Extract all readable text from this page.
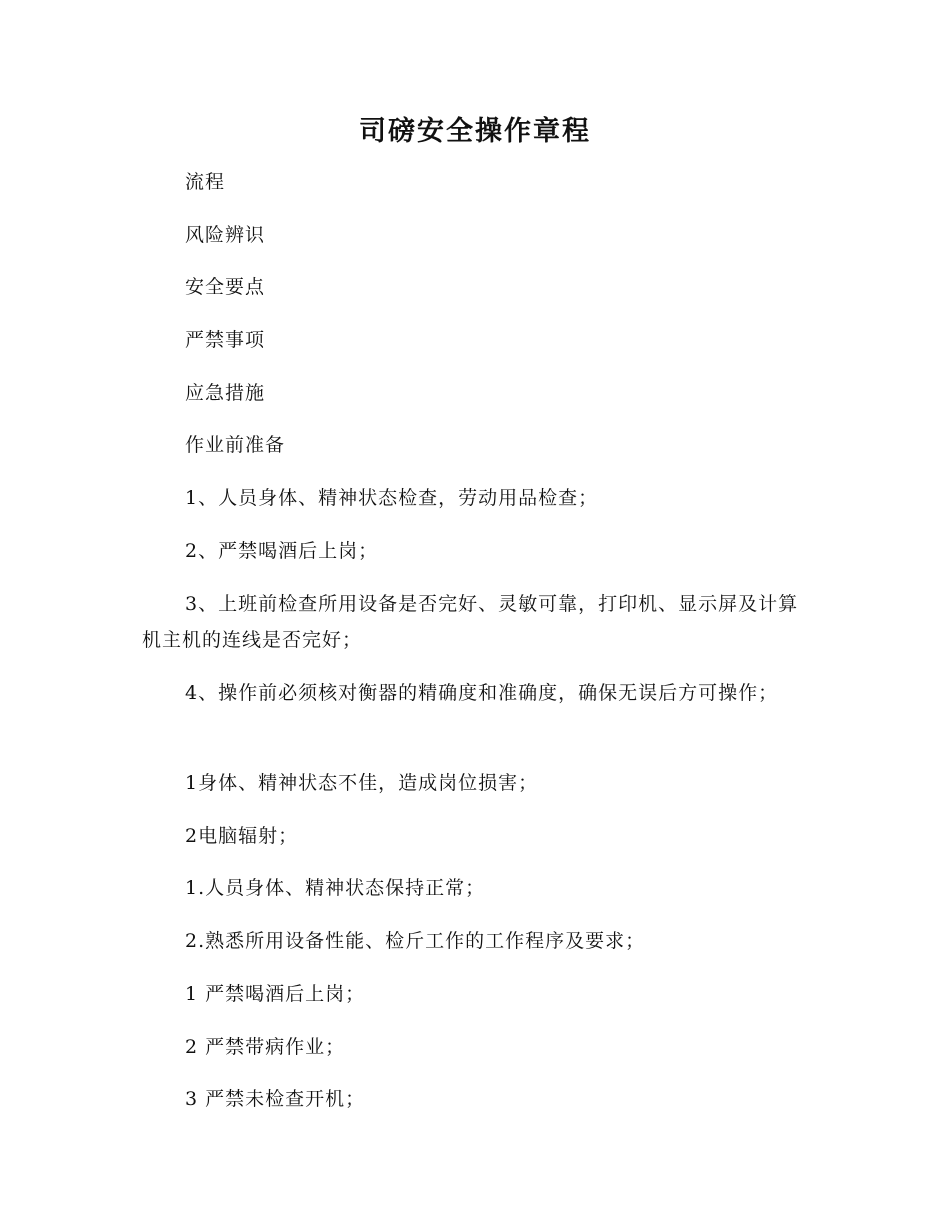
司磅安全操作章程
流程
风险辨识
安全要点
严禁事项
应急措施
作业前准备
1、人员身体、精神状态检查，劳动用品检查；
2、严禁喝酒后上岗；
3、上班前检查所用设备是否完好、灵敏可靠，打印机、显示屏及计算机主机的连线是否完好；
4、操作前必须核对衡器的精确度和准确度，确保无误后方可操作；
1身体、精神状态不佳，造成岗位损害；
2电脑辐射；
1.人员身体、精神状态保持正常；
2.熟悉所用设备性能、检斤工作的工作程序及要求；
1 严禁喝酒后上岗；
2 严禁带病作业；
3 严禁未检查开机；
